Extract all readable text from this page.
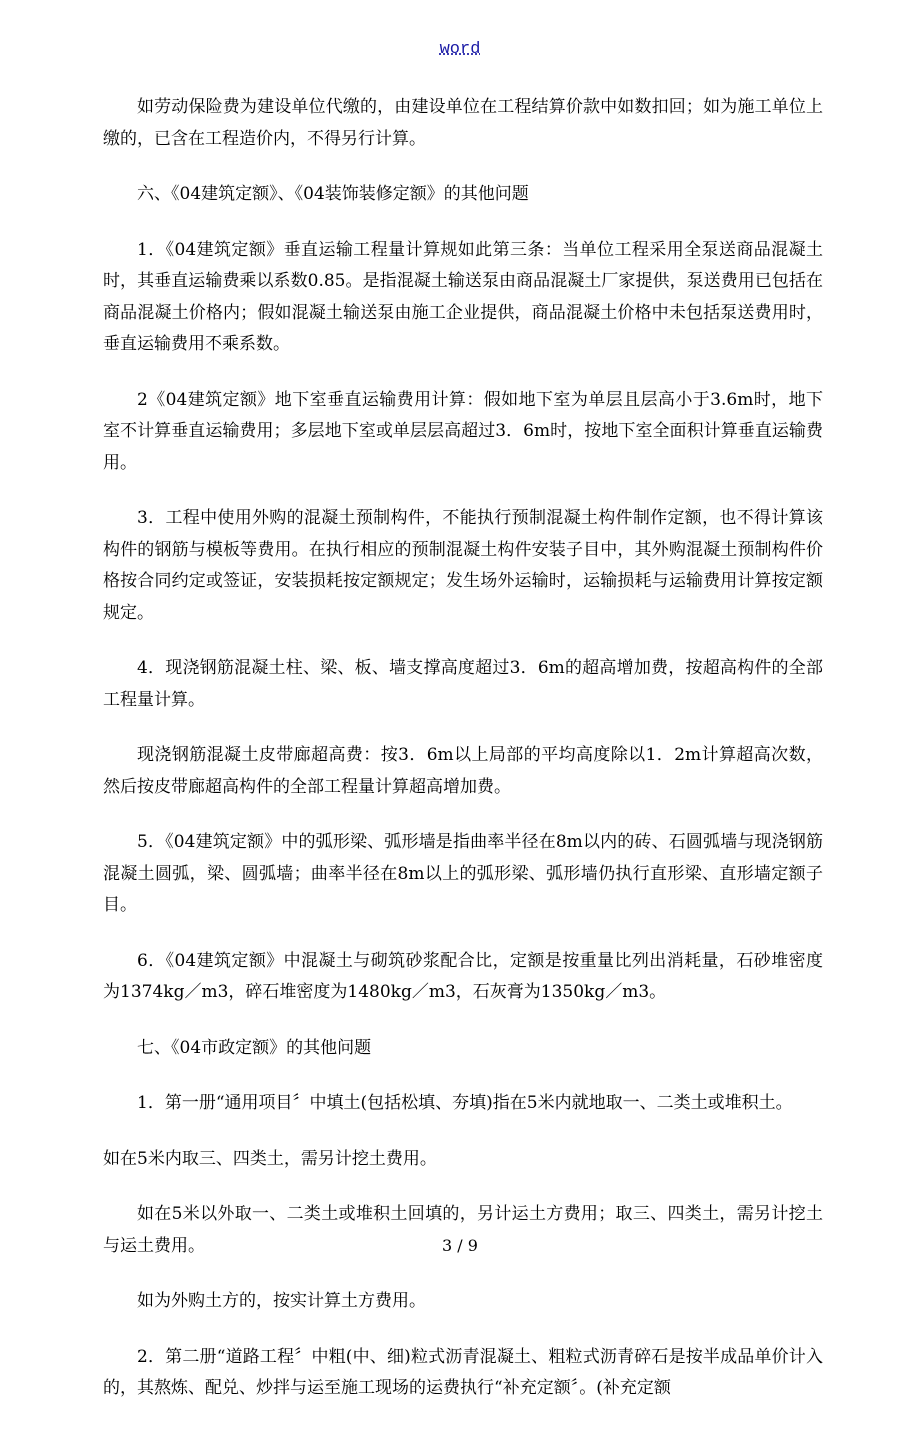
word

如劳动保险费为建设单位代缴的，由建设单位在工程结算价款中如数扣回；如为施工单位上缴的，已含在工程造价内，不得另行计算。

六、《04建筑定额》、《04装饰装修定额》的其他问题

1．《04建筑定额》垂直运输工程量计算规如此第三条：当单位工程采用全泵送商品混凝土时，其垂直运输费乘以系数0.85。是指混凝土输送泵由商品混凝土厂家提供，泵送费用已包括在商品混凝土价格内；假如混凝土输送泵由施工企业提供，商品混凝土价格中未包括泵送费用时，垂直运输费用不乘系数。

2《04建筑定额》地下室垂直运输费用计算：假如地下室为单层且层高小于3.6m时，地下室不计算垂直运输费用；多层地下室或单层层高超过3．6m时，按地下室全面积计算垂直运输费用。

3．工程中使用外购的混凝土预制构件，不能执行预制混凝土构件制作定额，也不得计算该构件的钢筋与模板等费用。在执行相应的预制混凝土构件安装子目中，其外购混凝土预制构件价格按合同约定或签证，安装损耗按定额规定；发生场外运输时，运输损耗与运输费用计算按定额规定。

4．现浇钢筋混凝土柱、梁、板、墙支撑高度超过3．6m的超高增加费，按超高构件的全部工程量计算。

现浇钢筋混凝土皮带廊超高费：按3．6m以上局部的平均高度除以1．2m计算超高次数，然后按皮带廊超高构件的全部工程量计算超高增加费。

5．《04建筑定额》中的弧形梁、弧形墙是指曲率半径在8m以内的砖、石圆弧墙与现浇钢筋混凝土圆弧，梁、圆弧墙；曲率半径在8m以上的弧形梁、弧形墙仍执行直形梁、直形墙定额子目。

6．《04建筑定额》中混凝土与砌筑砂浆配合比，定额是按重量比列出消耗量，石砂堆密度为1374kg／m3，碎石堆密度为1480kg／m3，石灰膏为1350kg／m3。

七、《04市政定额》的其他问题

1．第一册“通用项目〞中填土(包括松填、夯填)指在5米内就地取一、二类土或堆积土。

如在5米内取三、四类土，需另计挖土费用。

如在5米以外取一、二类土或堆积土回填的，另计运土方费用；取三、四类土，需另计挖土与运土费用。

如为外购土方的，按实计算土方费用。

2．第二册“道路工程〞中粗(中、细)粒式沥青混凝土、粗粒式沥青碎石是按半成品单价计入的，其熬炼、配兑、炒拌与运至施工现场的运费执行“补充定额〞。(补充定额

3 / 9
